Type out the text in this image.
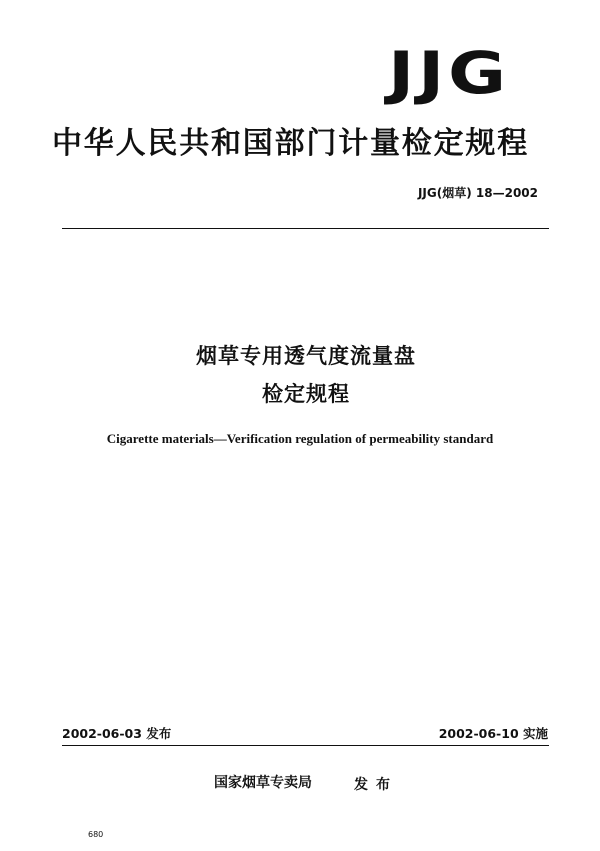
JJG
中华人民共和国部门计量检定规程
JJG(烟草) 18—2002
烟草专用透气度流量盘
检定规程
Cigarette materials—Verification regulation of permeability standard
2002-06-03 发布	2002-06-10 实施
国家烟草专卖局	发布
680
